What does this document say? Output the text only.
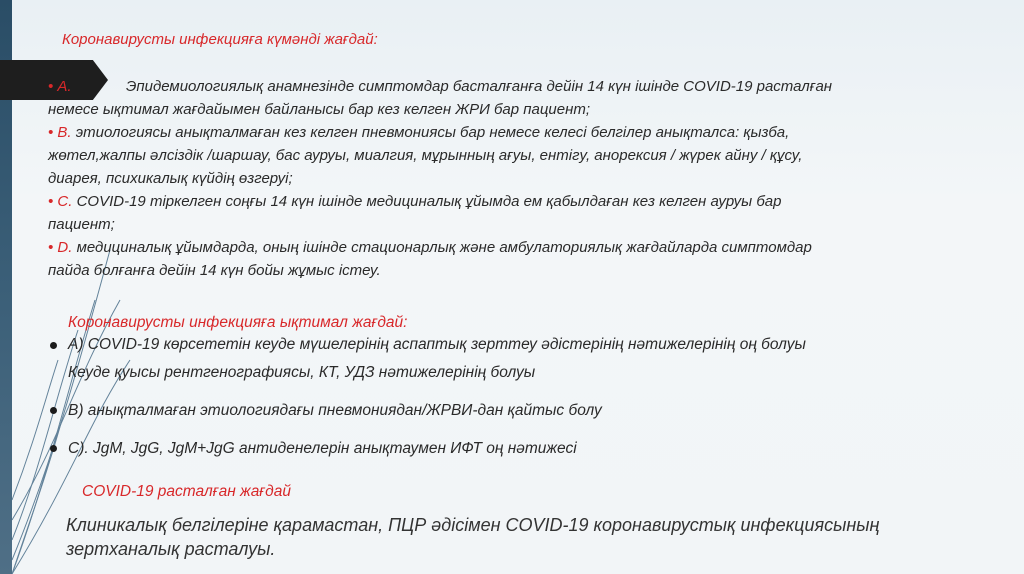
Коронавирусты инфекцияға күмәнді жағдай:
• А.	Эпидемиологиялық анамнезінде симптомдар басталғанға дейін 14 күн ішінде COVID-19 расталған
немесе ықтимал жағдайымен байланысы бар кез келген ЖРИ бар пациент;
• В. этиологиясы анықталмаған кез келген пневмониясы бар немесе келесі белгілер анықталса: қызба,
жөтел,жалпы әлсіздік /шаршау, бас ауруы, миалгия, мұрынның ағуы, ентігу, анорексия / жүрек айну / құсу,
диарея, психикалық күйдің өзгеруі;
• С. COVID-19 тіркелген соңғы 14 күн ішінде медициналық ұйымда ем қабылдаған кез келген ауруы бар
пациент;
• D. медициналық ұйымдарда, оның ішінде стационарлық және амбулаториялық жағдайларда симптомдар
пайда болғанға дейін 14 күн бойы жұмыс істеу.
Коронавирусты инфекцияға ықтимал жағдай:
А) COVID-19 көрсететін кеуде мүшелерінің аспаптық зерттеу әдістерінің нәтижелерінің оң болуы
Кеуде қуысы рентгенографиясы, КТ, УДЗ нәтижелерінің болуы
В) анықталмаған этиологиядағы пневмониядан/ЖРВИ-дан қайтыс болу
С). JgM, JgG, JgM+JgG антиденелерін анықтаумен ИФТ оң нәтижесі
COVID-19 расталған жағдай
Клиникалық белгілеріне қарамастан, ПЦР әдісімен COVID-19 коронавирустық инфекциясының
зертханалық расталуы.
